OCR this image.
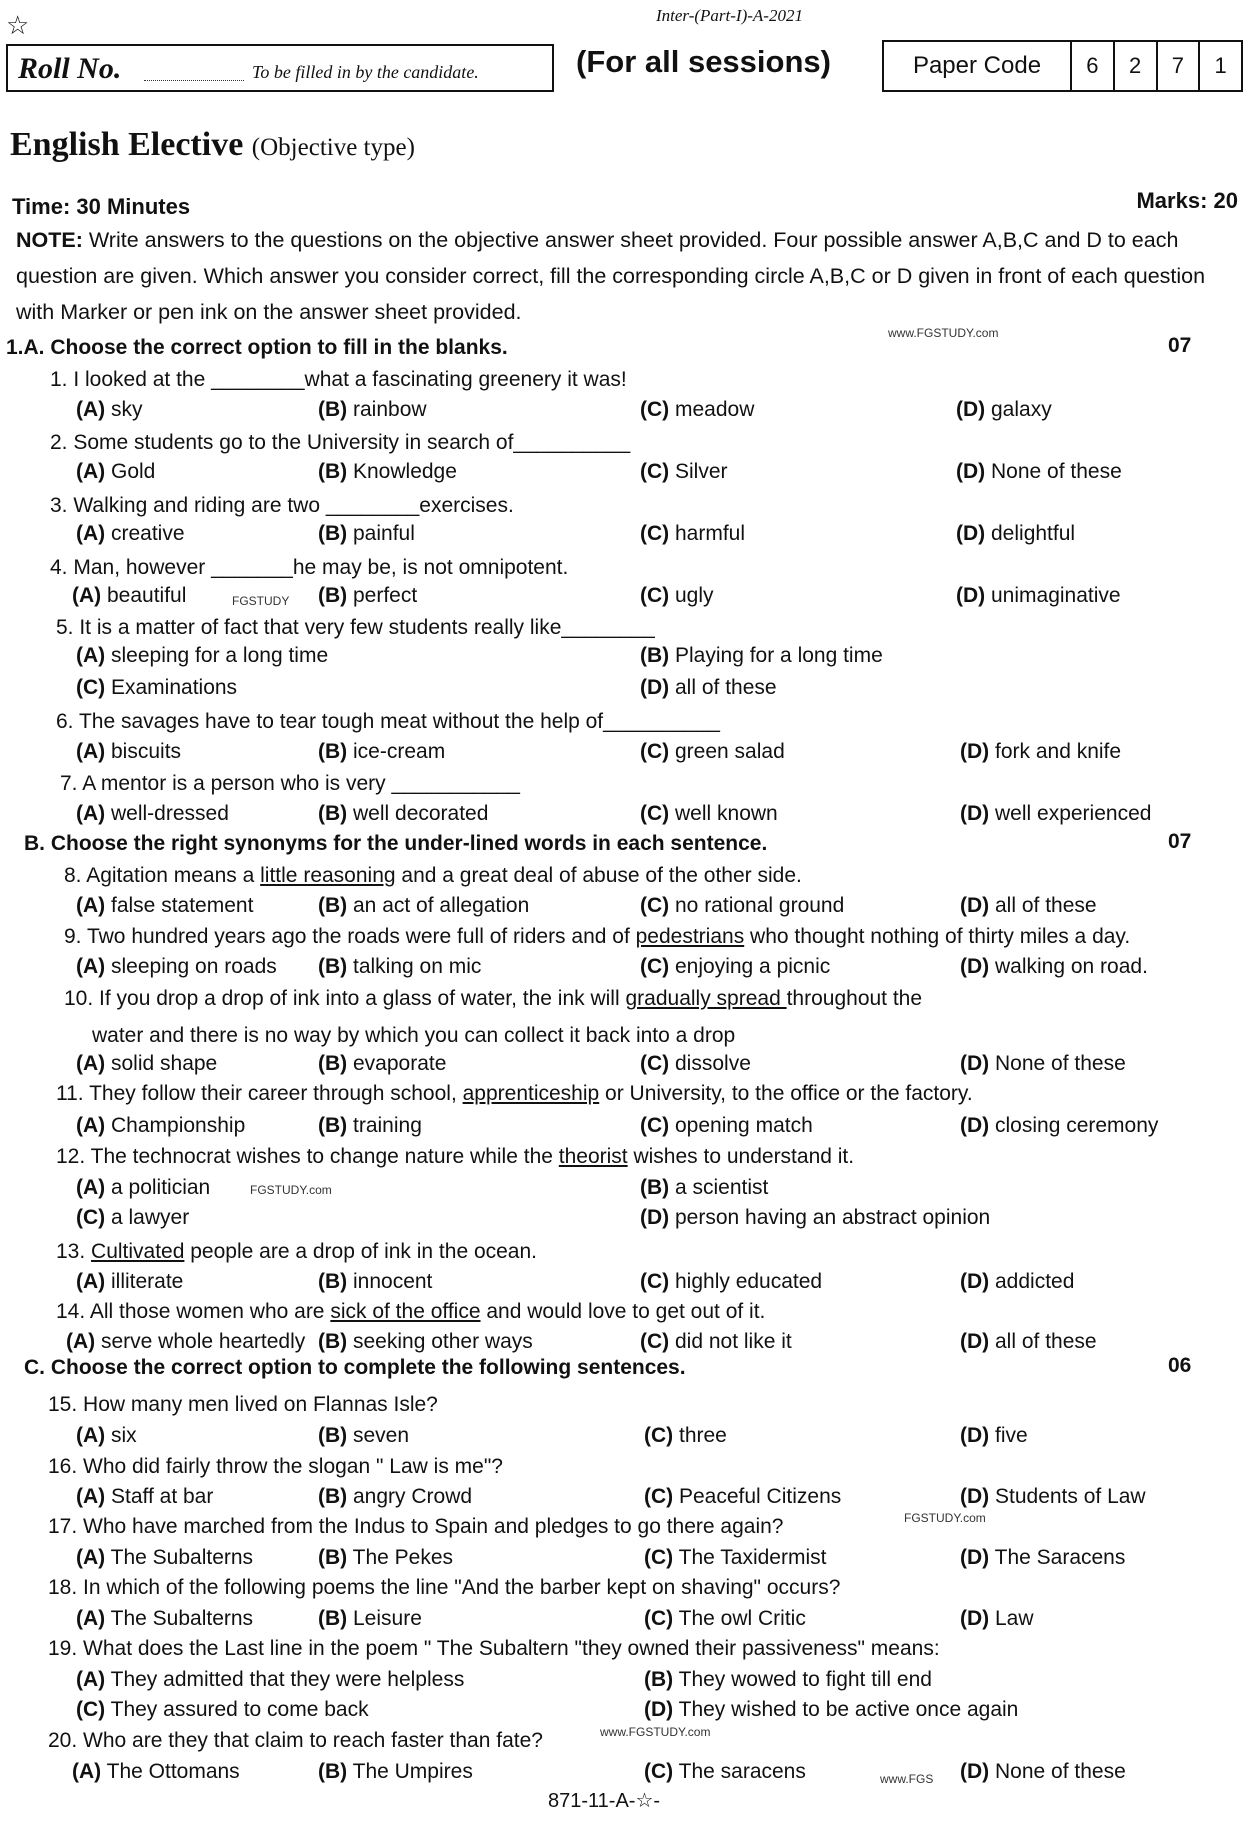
☆	Inter-(Part-I)-A-2021
Roll No.	To be filled in by the candidate.	(For all sessions)	Paper Code	6	2	7	1
English Elective (Objective type)
Time: 30 Minutes	Marks: 20
NOTE: Write answers to the questions on the objective answer sheet provided. Four possible answer A,B,C and D to each question are given. Which answer you consider correct, fill the corresponding circle A,B,C or D given in front of each question with Marker or pen ink on the answer sheet provided.
www.FGSTUDY.com
FGSTUDY
FGSTUDY.com
FGSTUDY.com
www.FGSTUDY.com
www.FGS
1.A. Choose the correct option to fill in the blanks.	07
1. I looked at the ________what a fascinating greenery it was!
(A) sky	(B) rainbow	(C) meadow	(D) galaxy
2. Some students go to the University in search of__________
(A) Gold	(B) Knowledge	(C) Silver	(D) None of these
3. Walking and riding are two ________exercises.
(A) creative	(B) painful	(C) harmful	(D) delightful
4. Man, however _______he may be, is not omnipotent.
(A) beautiful	(B) perfect	(C) ugly	(D) unimaginative
5. It is a matter of fact that very few students really like________
(A) sleeping for a long time	(B) Playing for a long time
(C) Examinations	(D) all of these
6. The savages have to tear tough meat without the help of__________
(A) biscuits	(B) ice-cream	(C) green salad	(D) fork and knife
7. A mentor is a person who is very ___________
(A) well-dressed	(B) well decorated	(C) well known	(D) well experienced
B. Choose the right synonyms for the under-lined words in each sentence.	07
8. Agitation means a little reasoning and a great deal of abuse of the other side.
(A) false statement	(B) an act of allegation	(C) no rational ground	(D) all of these
9. Two hundred years ago the roads were full of riders and of pedestrians who thought nothing of thirty miles a day.
(A) sleeping on roads (B) talking on mic	(C) enjoying a picnic	(D) walking on road.
10. If you drop a drop of ink into a glass of water, the ink will gradually spread throughout the
water and there is no way by which you can collect it back into a drop
(A) solid shape	(B) evaporate	(C) dissolve	(D) None of these
11. They follow their career through school, apprenticeship or University, to the office or the factory.
(A) Championship	(B) training	(C) opening match	(D) closing ceremony
12. The technocrat wishes to change nature while the theorist wishes to understand it.
(A) a politician	(B) a scientist
(C) a lawyer	(D) person having an abstract opinion
13. Cultivated people are a drop of ink in the ocean.
(A) illiterate	(B) innocent	(C) highly educated	(D) addicted
14. All those women who are sick of the office and would love to get out of it.
(A) serve whole heartedly (B) seeking other ways	(C) did not like it	(D) all of these
C. Choose the correct option to complete the following sentences.	06
15. How many men lived on Flannas Isle?
(A) six	(B) seven	(C) three	(D) five
16. Who did fairly throw the slogan " Law is me"?
(A) Staff at bar	(B) angry Crowd	(C) Peaceful Citizens	(D) Students of Law
17. Who have marched from the Indus to Spain and pledges to go there again?
(A) The Subalterns	(B) The Pekes	(C) The Taxidermist	(D) The Saracens
18. In which of the following poems the line "And the barber kept on shaving" occurs?
(A) The Subalterns	(B) Leisure	(C) The owl Critic	(D) Law
19. What does the Last line in the poem " The Subaltern "they owned their passiveness" means:
(A) They admitted that they were helpless	(B) They wowed to fight till end
(C) They assured to come back	(D) They wished to be active once again
20. Who are they that claim to reach faster than fate?
(A) The Ottomans	(B) The Umpires	(C) The saracens	(D) None of these
871-11-A-☆-
